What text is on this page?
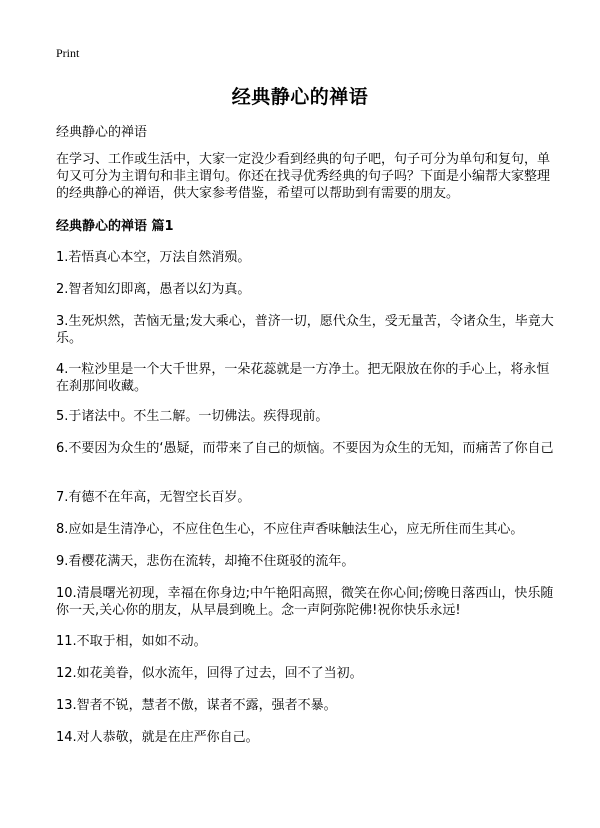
Print
经典静心的禅语
经典静心的禅语
在学习、工作或生活中，大家一定没少看到经典的句子吧，句子可分为单句和复句，单句又可分为主谓句和非主谓句。你还在找寻优秀经典的句子吗？下面是小编帮大家整理的经典静心的禅语，供大家参考借鉴，希望可以帮助到有需要的朋友。
经典静心的禅语 篇1
1.若悟真心本空，万法自然消殒。
2.智者知幻即离，愚者以幻为真。
3.生死炽然，苦恼无量;发大乘心，普济一切，愿代众生，受无量苦，令诸众生，毕竟大乐。
4.一粒沙里是一个大千世界，一朵花蕊就是一方净土。把无限放在你的手心上，将永恒在刹那间收藏。
5.于诸法中。不生二解。一切佛法。疾得现前。
6.不要因为众生的‘愚疑，而带来了自己的烦恼。不要因为众生的无知，而痛苦了你自己
7.有德不在年高，无智空长百岁。
8.应如是生清净心，不应住色生心，不应住声香味触法生心，应无所住而生其心。
9.看樱花满天，悲伤在流转，却掩不住斑驳的流年。
10.清晨曙光初现，幸福在你身边;中午艳阳高照，微笑在你心间;傍晚日落西山，快乐随你一天,关心你的朋友，从早晨到晚上。念一声阿弥陀佛!祝你快乐永远!
11.不取于相，如如不动。
12.如花美眷，似水流年，回得了过去，回不了当初。
13.智者不锐，慧者不傲，谋者不露，强者不暴。
14.对人恭敬，就是在庄严你自己。
